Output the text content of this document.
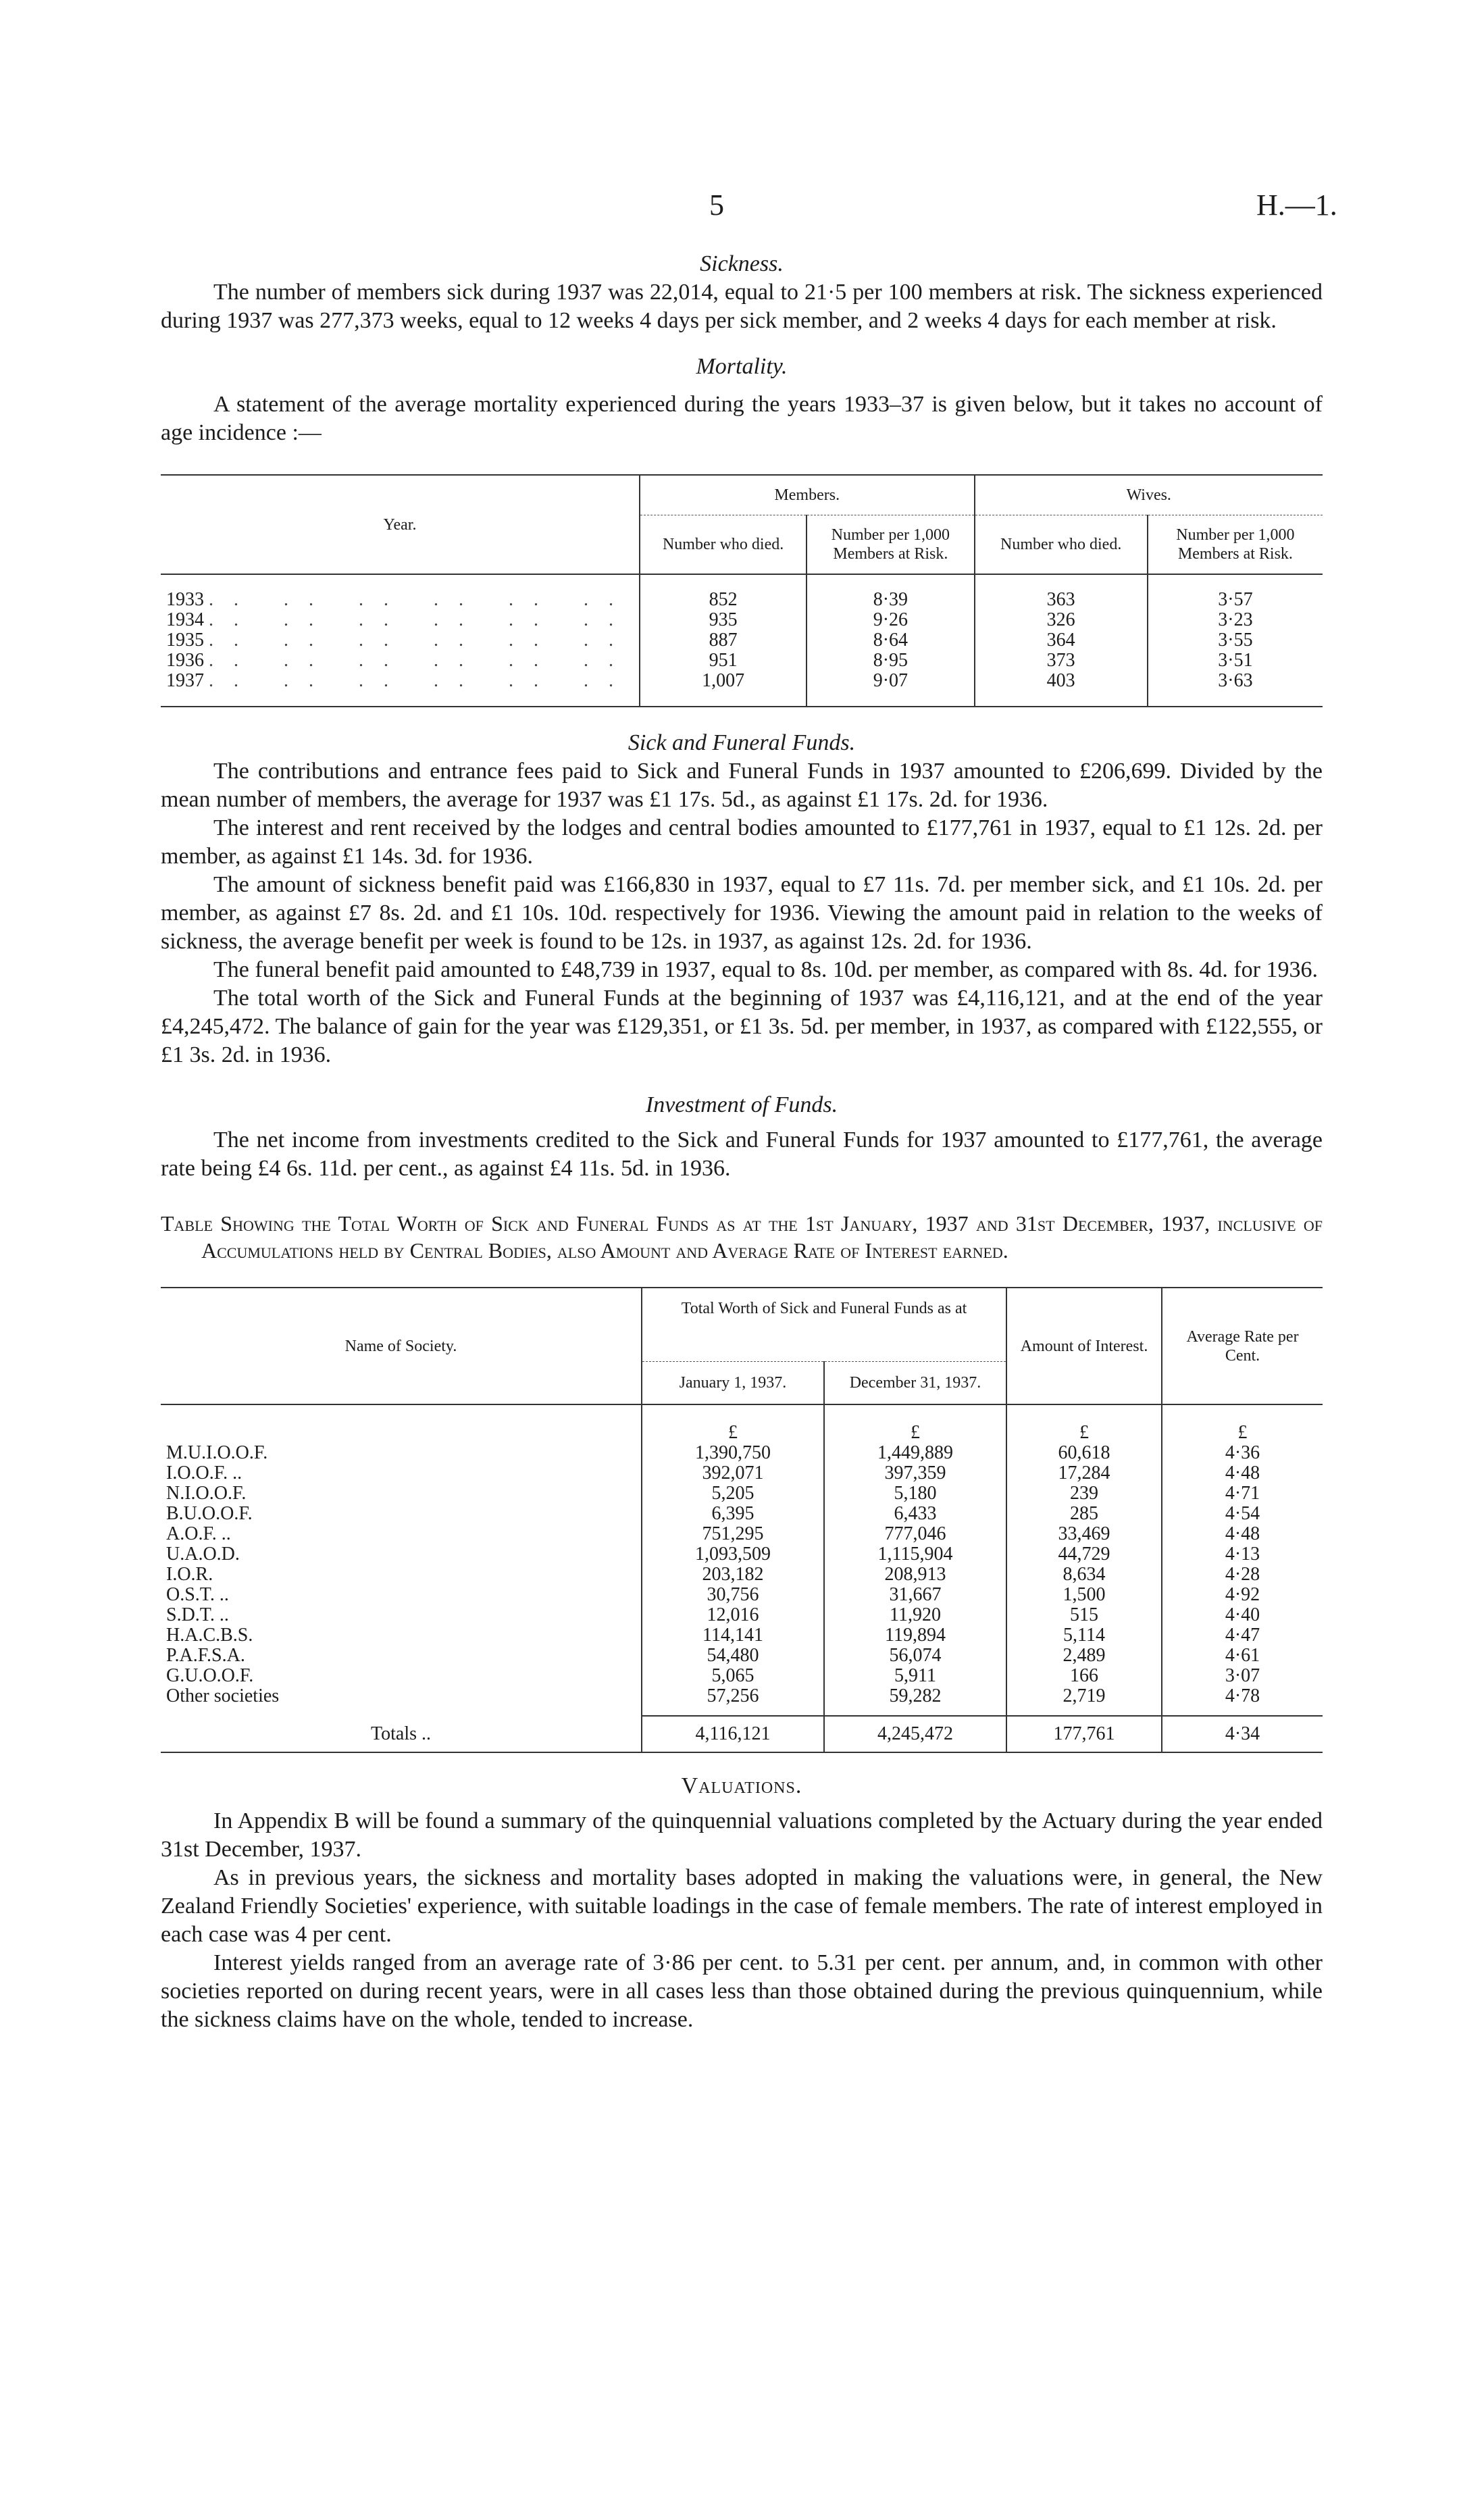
5	H.—1.
Sickness.

The number of members sick during 1937 was 22,014, equal to 21·5 per 100 members at risk. The sickness experienced during 1937 was 277,373 weeks, equal to 12 weeks 4 days per sick member, and 2 weeks 4 days for each member at risk.

Mortality.

A statement of the average mortality experienced during the years 1933–37 is given below, but it takes no account of age incidence :—

Year.	Members.		Wives.	
	Number who died.	Number per 1,000 Members at Risk.	Number who died.	Number per 1,000 Members at Risk.

1933 .. .. .. .. .. ..	852	8·39	363	3·57
1934 .. .. .. .. .. ..	935	9·26	326	3·23
1935 .. .. .. .. .. ..	887	8·64	364	3·55
1936 .. .. .. .. .. ..	951	8·95	373	3·51
1937 .. .. .. .. .. ..	1,007	9·07	403	3·63

Sick and Funeral Funds.

The contributions and entrance fees paid to Sick and Funeral Funds in 1937 amounted to £206,699. Divided by the mean number of members, the average for 1937 was £1 17s. 5d., as against £1 17s. 2d. for 1936.

The interest and rent received by the lodges and central bodies amounted to £177,761 in 1937, equal to £1 12s. 2d. per member, as against £1 14s. 3d. for 1936.

The amount of sickness benefit paid was £166,830 in 1937, equal to £7 11s. 7d. per member sick, and £1 10s. 2d. per member, as against £7 8s. 2d. and £1 10s. 10d. respectively for 1936. Viewing the amount paid in relation to the weeks of sickness, the average benefit per week is found to be 12s. in 1937, as against 12s. 2d. for 1936.

The funeral benefit paid amounted to £48,739 in 1937, equal to 8s. 10d. per member, as compared with 8s. 4d. for 1936.

The total worth of the Sick and Funeral Funds at the beginning of 1937 was £4,116,121, and at the end of the year £4,245,472. The balance of gain for the year was £129,351, or £1 3s. 5d. per member, in 1937, as compared with £122,555, or £1 3s. 2d. in 1936.

Investment of Funds.

The net income from investments credited to the Sick and Funeral Funds for 1937 amounted to £177,761, the average rate being £4 6s. 11d. per cent., as against £4 11s. 5d. in 1936.

Table Showing the Total Worth of Sick and Funeral Funds as at the 1st January, 1937 and 31st December, 1937, inclusive of Accumulations held by Central Bodies, also Amount and Average Rate of Interest earned.
Name of Society.	Total Worth of Sick and Funeral Funds as at		Amount of Interest.	Average Rate per Cent.
	January 1, 1937.	December 31, 1937.		

	£	£	£	£
M.U.I.O.O.F.	1,390,750	1,449,889	60,618	4·36
I.O.O.F. ..	392,071	397,359	17,284	4·48
N.I.O.O.F.	5,205	5,180	239	4·71
B.U.O.O.F.	6,395	6,433	285	4·54
A.O.F. ..	751,295	777,046	33,469	4·48
U.A.O.D.	1,093,509	1,115,904	44,729	4·13
I.O.R.	203,182	208,913	8,634	4·28
O.S.T. ..	30,756	31,667	1,500	4·92
S.D.T. ..	12,016	11,920	515	4·40
H.A.C.B.S.	114,141	119,894	5,114	4·47
P.A.F.S.A.	54,480	56,074	2,489	4·61
G.U.O.O.F.	5,065	5,911	166	3·07
Other societies	57,256	59,282	2,719	4·78

Totals ..	4,116,121	4,245,472	177,761	4·34
Valuations.

In Appendix B will be found a summary of the quinquennial valuations completed by the Actuary during the year ended 31st December, 1937.

As in previous years, the sickness and mortality bases adopted in making the valuations were, in general, the New Zealand Friendly Societies' experience, with suitable loadings in the case of female members. The rate of interest employed in each case was 4 per cent.

Interest yields ranged from an average rate of 3·86 per cent. to 5.31 per cent. per annum, and, in common with other societies reported on during recent years, were in all cases less than those obtained during the previous quinquennium, while the sickness claims have on the whole, tended to increase.
